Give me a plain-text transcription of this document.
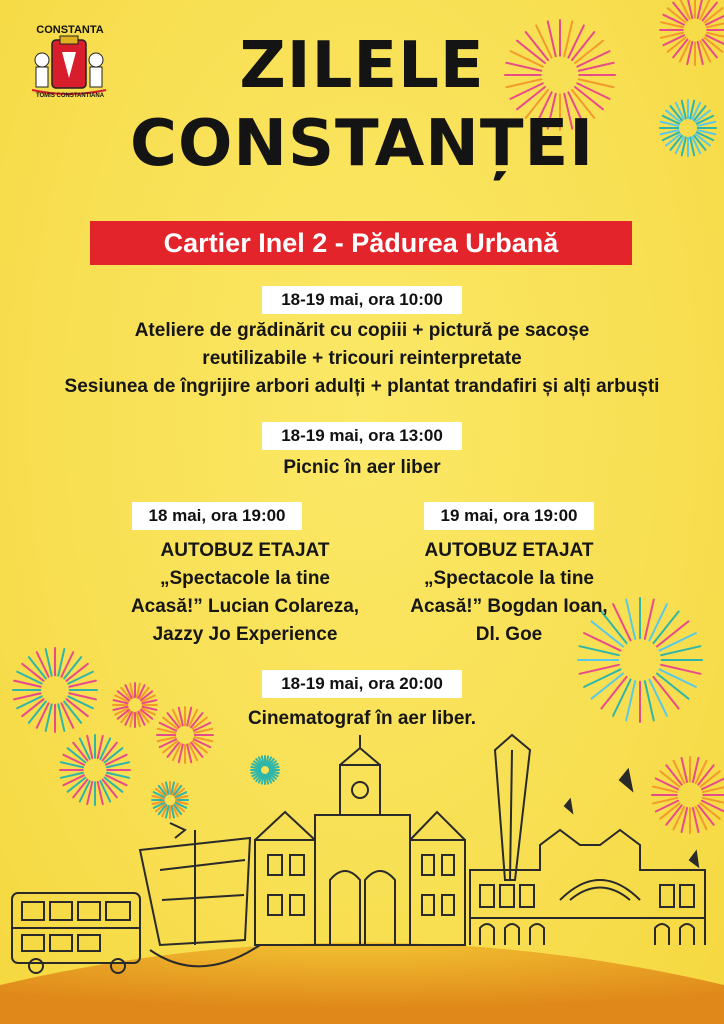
CONSTANTA
TOMIS CONSTANTIANA	ZILELE
CONSTANȚEI
Cartier Inel 2 - Pădurea Urbană
18-19 mai, ora 10:00
Ateliere de grădinărit cu copiii + pictură pe sacoșe
reutilizabile + tricouri reinterpretate
Sesiunea de îngrijire arbori adulți + plantat trandafiri și alți arbuști
18-19 mai, ora 13:00
Picnic în aer liber
18 mai, ora 19:00
AUTOBUZ ETAJAT
„Spectacole la tine
Acasă!” Lucian Colareza,
Jazzy Jo Experience
19 mai, ora 19:00
AUTOBUZ ETAJAT
„Spectacole la tine
Acasă!” Bogdan Ioan,
Dl. Goe
18-19 mai, ora 20:00
Cinematograf în aer liber.
